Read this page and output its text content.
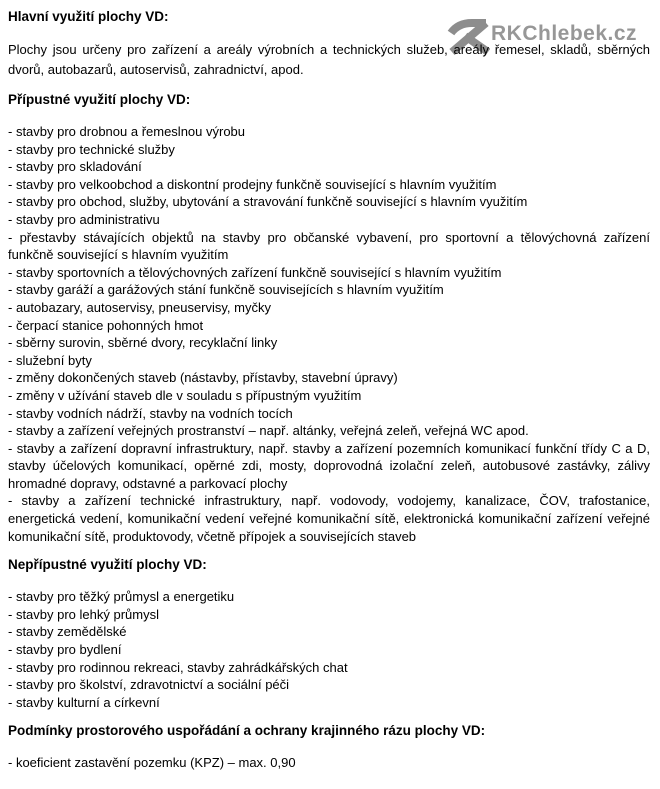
RKChlebek.cz
Hlavní využití plochy VD:

Plochy jsou určeny pro zařízení a areály výrobních a technických služeb, areály řemesel, skladů, sběrných dvorů, autobazarů, autoservisů, zahradnictví, apod.

Přípustné využití plochy VD:
- stavby pro drobnou a řemeslnou výrobu
- stavby pro technické služby
- stavby pro skladování
- stavby pro velkoobchod a diskontní prodejny funkčně související s hlavním využitím
- stavby pro obchod, služby, ubytování a stravování funkčně související s hlavním využitím
- stavby pro administrativu
- přestavby stávajících objektů na stavby pro občanské vybavení, pro sportovní a tělovýchovná zařízení funkčně související s hlavním využitím
- stavby sportovních a tělovýchovných zařízení funkčně související s hlavním využitím
- stavby garáží a garážových stání funkčně souvisejících s hlavním využitím
- autobazary, autoservisy, pneuservisy, myčky
- čerpací stanice pohonných hmot
- sběrny surovin, sběrné dvory, recyklační linky
- služební byty
- změny dokončených staveb (nástavby, přístavby, stavební úpravy)
- změny v užívání staveb dle v souladu s přípustným využitím
- stavby vodních nádrží, stavby na vodních tocích
- stavby a zařízení veřejných prostranství – např. altánky, veřejná zeleň, veřejná WC apod.
- stavby a zařízení dopravní infrastruktury, např. stavby a zařízení pozemních komunikací funkční třídy C a D, stavby účelových komunikací, opěrné zdi, mosty, doprovodná izolační zeleň, autobusové zastávky, zálivy hromadné dopravy, odstavné a parkovací plochy
- stavby a zařízení technické infrastruktury, např. vodovody, vodojemy, kanalizace, ČOV, trafostanice, energetická vedení, komunikační vedení veřejné komunikační sítě, elektronická komunikační zařízení veřejné komunikační sítě, produktovody, včetně přípojek a souvisejících staveb
Nepřípustné využití plochy VD:
- stavby pro těžký průmysl a energetiku
- stavby pro lehký průmysl
- stavby zemědělské
- stavby pro bydlení
- stavby pro rodinnou rekreaci, stavby zahrádkářských chat
- stavby pro školství, zdravotnictví a sociální péči
- stavby kulturní a církevní
Podmínky prostorového uspořádání a ochrany krajinného rázu plochy VD:
- koeficient zastavění pozemku (KPZ) – max. 0,90
